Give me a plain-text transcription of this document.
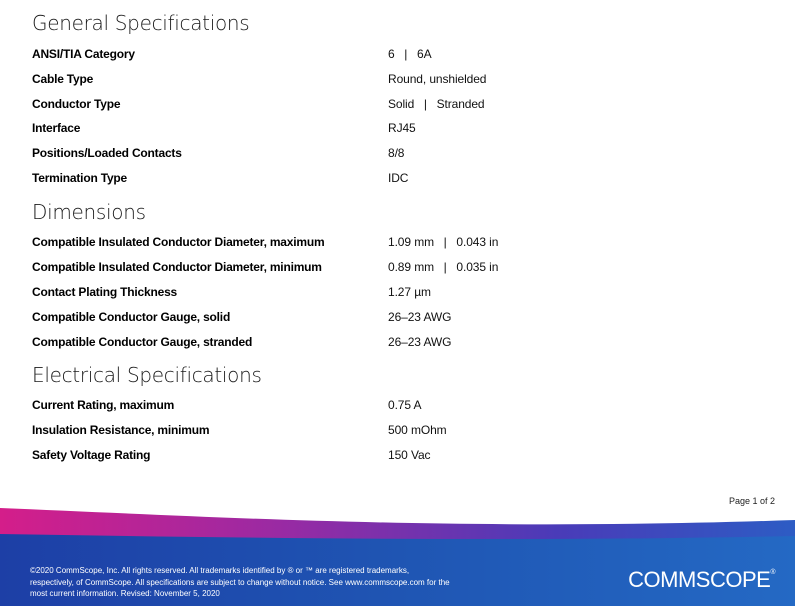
General Specifications
ANSI/TIA Category	6   |   6A
Cable Type	Round, unshielded
Conductor Type	Solid   |   Stranded
Interface	RJ45
Positions/Loaded Contacts	8/8
Termination Type	IDC
Dimensions
Compatible Insulated Conductor Diameter, maximum	1.09 mm   |   0.043 in
Compatible Insulated Conductor Diameter, minimum	0.89 mm   |   0.035 in
Contact Plating Thickness	1.27 µm
Compatible Conductor Gauge, solid	26–23 AWG
Compatible Conductor Gauge, stranded	26–23 AWG
Electrical Specifications
Current Rating, maximum	0.75 A
Insulation Resistance, minimum	500 mOhm
Safety Voltage Rating	150 Vac
Page 1 of 2
©2020 CommScope, Inc. All rights reserved. All trademarks identified by ® or ™ are registered trademarks,
respectively, of CommScope. All specifications are subject to change without notice. See www.commscope.com for the
most current information. Revised: November 5, 2020
COMMSCOPE®
